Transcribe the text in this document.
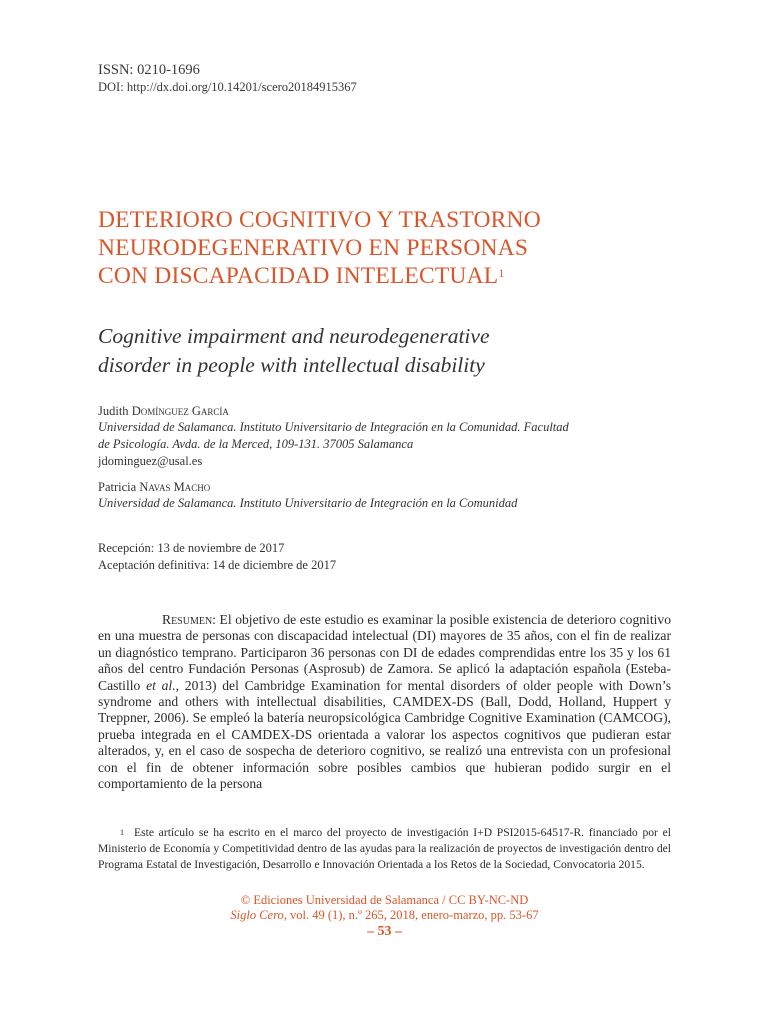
ISSN: 0210-1696
DOI: http://dx.doi.org/10.14201/scero20184915367
DETERIORO COGNITIVO Y TRASTORNO
NEURODEGENERATIVO EN PERSONAS
CON DISCAPACIDAD INTELECTUAL$^1$
Cognitive impairment and neurodegenerative
disorder in people with intellectual disability
Judith Domínguez García
Universidad de Salamanca. Instituto Universitario de Integración en la Comunidad. Facultad
de Psicología. Avda. de la Merced, 109-131. 37005 Salamanca
jdominguez@usal.es
Patricia Navas Macho
Universidad de Salamanca. Instituto Universitario de Integración en la Comunidad
Recepción: 13 de noviembre de 2017
Aceptación definitiva: 14 de diciembre de 2017

Resumen: El objetivo de este estudio es examinar la posible existencia de deterioro cognitivo en una muestra de personas con discapacidad intelectual (DI) mayores de 35 años, con el fin de realizar un diagnóstico temprano. Participaron 36 personas con DI de edades comprendidas entre los 35 y los 61 años del centro Fundación Personas (Asprosub) de Zamora. Se aplicó la adaptación española (Esteba-Castillo et al., 2013) del Cambridge Examination for mental disorders of older people with Down’s syndrome and others with intellectual disabilities, CAMDEX-DS (Ball, Dodd, Holland, Huppert y Treppner, 2006). Se empleó la batería neuropsicológica Cambridge Cognitive Examination (CAMCOG), prueba integrada en el CAMDEX-DS orientada a valorar los aspectos cognitivos que pudieran estar alterados, y, en el caso de sospecha de deterioro cognitivo, se realizó una entrevista con un profesional con el fin de obtener información sobre posibles cambios que hubieran podido surgir en el comportamiento de la persona

$^1$ Este artículo se ha escrito en el marco del proyecto de investigación I+D PSI2015-64517-R. financiado por el Ministerio de Economía y Competitividad dentro de las ayudas para la realización de proyectos de investigación dentro del Programa Estatal de Investigación, Desarrollo e Innovación Orientada a los Retos de la Sociedad, Convocatoria 2015.

© Ediciones Universidad de Salamanca / CC BY-NC-ND
Siglo Cero, vol. 49 (1), n.º 265, 2018, enero-marzo, pp. 53-67
– 53 –
